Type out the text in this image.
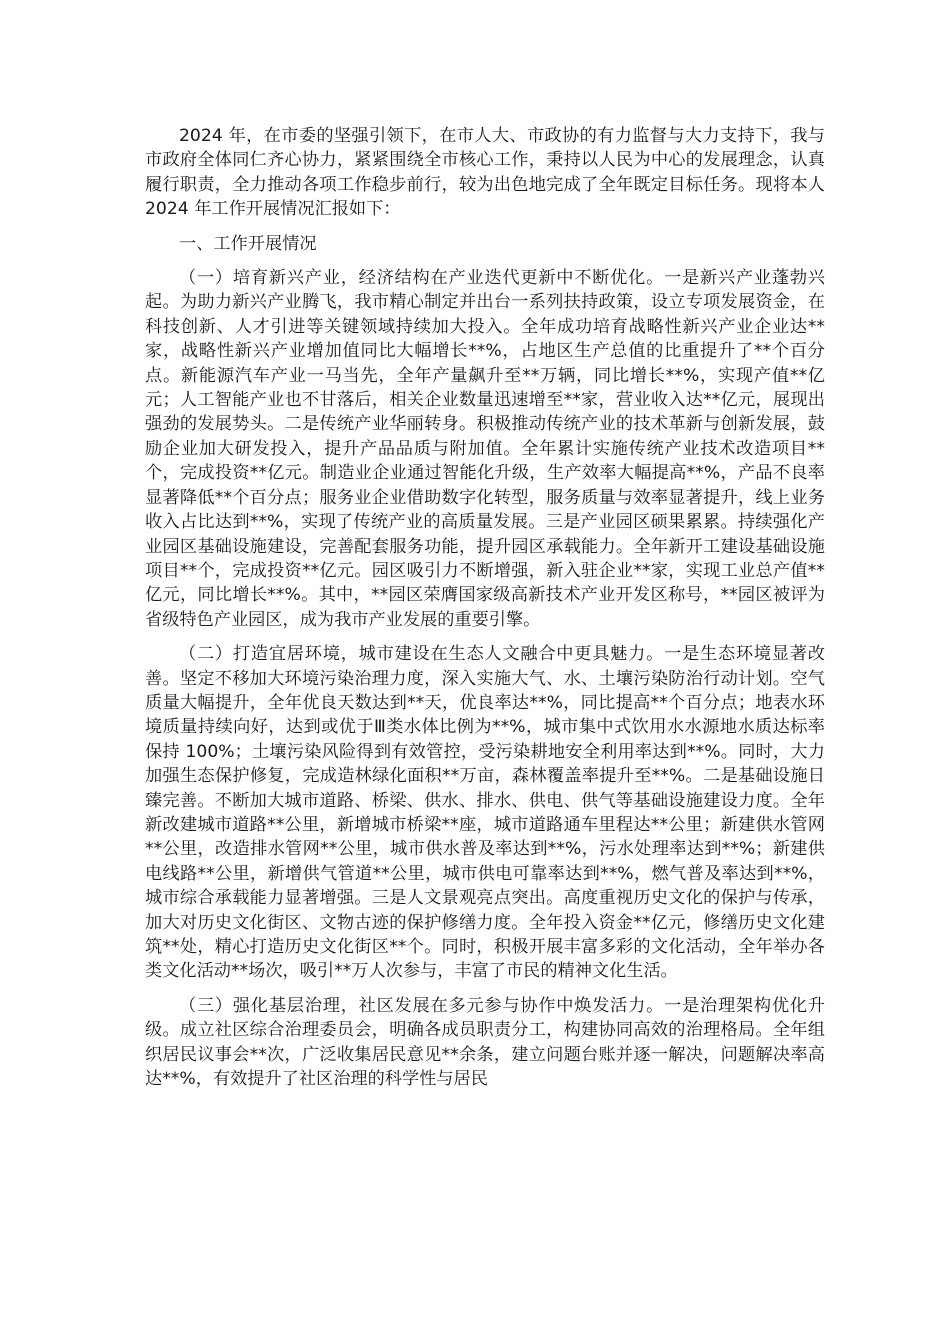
2024 年，在市委的坚强引领下，在市人大、市政协的有力监督与大力支持下，我与市政府全体同仁齐心协力，紧紧围绕全市核心工作，秉持以人民为中心的发展理念，认真履行职责，全力推动各项工作稳步前行，较为出色地完成了全年既定目标任务。现将本人 2024 年工作开展情况汇报如下：

一、工作开展情况

（一）培育新兴产业，经济结构在产业迭代更新中不断优化。一是新兴产业蓬勃兴起。为助力新兴产业腾飞，我市精心制定并出台一系列扶持政策，设立专项发展资金，在科技创新、人才引进等关键领域持续加大投入。全年成功培育战略性新兴产业企业达**家，战略性新兴产业增加值同比大幅增长**%，占地区生产总值的比重提升了**个百分点。新能源汽车产业一马当先，全年产量飙升至**万辆，同比增长**%，实现产值**亿元；人工智能产业也不甘落后，相关企业数量迅速增至**家，营业收入达**亿元，展现出强劲的发展势头。二是传统产业华丽转身。积极推动传统产业的技术革新与创新发展，鼓励企业加大研发投入，提升产品品质与附加值。全年累计实施传统产业技术改造项目**个，完成投资**亿元。制造业企业通过智能化升级，生产效率大幅提高**%，产品不良率显著降低**个百分点；服务业企业借助数字化转型，服务质量与效率显著提升，线上业务收入占比达到**%，实现了传统产业的高质量发展。三是产业园区硕果累累。持续强化产业园区基础设施建设，完善配套服务功能，提升园区承载能力。全年新开工建设基础设施项目**个，完成投资**亿元。园区吸引力不断增强，新入驻企业**家，实现工业总产值**亿元，同比增长**%。其中，**园区荣膺国家级高新技术产业开发区称号，**园区被评为省级特色产业园区，成为我市产业发展的重要引擎。

（二）打造宜居环境，城市建设在生态人文融合中更具魅力。一是生态环境显著改善。坚定不移加大环境污染治理力度，深入实施大气、水、土壤污染防治行动计划。空气质量大幅提升，全年优良天数达到**天，优良率达**%，同比提高**个百分点；地表水环境质量持续向好，达到或优于Ⅲ类水体比例为**%，城市集中式饮用水水源地水质达标率保持 100%；土壤污染风险得到有效管控，受污染耕地安全利用率达到**%。同时，大力加强生态保护修复，完成造林绿化面积**万亩，森林覆盖率提升至**%。二是基础设施日臻完善。不断加大城市道路、桥梁、供水、排水、供电、供气等基础设施建设力度。全年新改建城市道路**公里，新增城市桥梁**座，城市道路通车里程达**公里；新建供水管网**公里，改造排水管网**公里，城市供水普及率达到**%，污水处理率达到**%；新建供电线路**公里，新增供气管道**公里，城市供电可靠率达到**%，燃气普及率达到**%，城市综合承载能力显著增强。三是人文景观亮点突出。高度重视历史文化的保护与传承，加大对历史文化街区、文物古迹的保护修缮力度。全年投入资金**亿元，修缮历史文化建筑**处，精心打造历史文化街区**个。同时，积极开展丰富多彩的文化活动，全年举办各类文化活动**场次，吸引**万人次参与，丰富了市民的精神文化生活。

（三）强化基层治理，社区发展在多元参与协作中焕发活力。一是治理架构优化升级。成立社区综合治理委员会，明确各成员职责分工，构建协同高效的治理格局。全年组织居民议事会**次，广泛收集居民意见**余条，建立问题台账并逐一解决，问题解决率高达**%，有效提升了社区治理的科学性与居民
